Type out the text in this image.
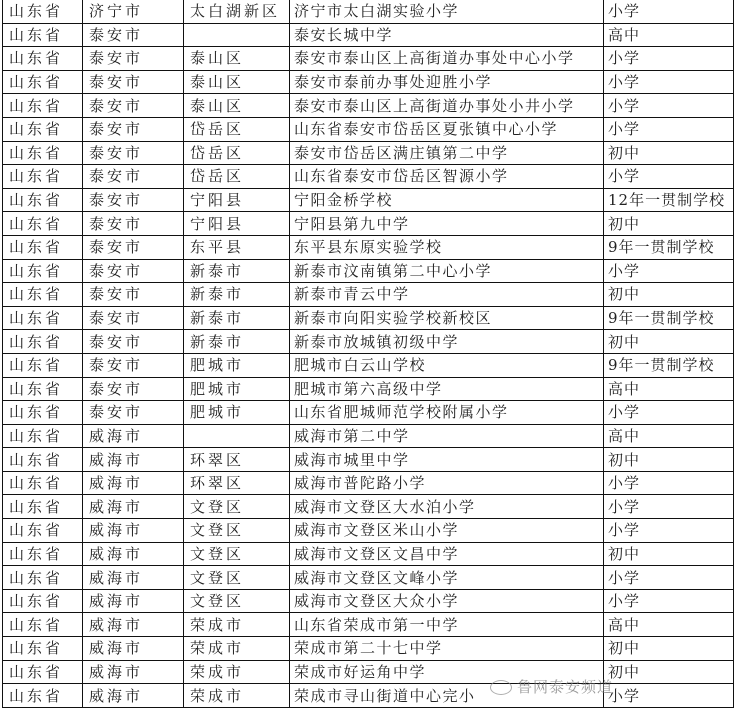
山东省	济宁市	太白湖新区	济宁市太白湖实验小学	小学
山东省	泰安市		泰安长城中学	高中
山东省	泰安市	泰山区	泰安市泰山区上高街道办事处中心小学	小学
山东省	泰安市	泰山区	泰安市泰前办事处迎胜小学	小学
山东省	泰安市	泰山区	泰安市泰山区上高街道办事处小井小学	小学
山东省	泰安市	岱岳区	山东省泰安市岱岳区夏张镇中心小学	小学
山东省	泰安市	岱岳区	泰安市岱岳区满庄镇第二中学	初中
山东省	泰安市	岱岳区	山东省泰安市岱岳区智源小学	小学
山东省	泰安市	宁阳县	宁阳金桥学校	12年一贯制学校
山东省	泰安市	宁阳县	宁阳县第九中学	初中
山东省	泰安市	东平县	东平县东原实验学校	9年一贯制学校
山东省	泰安市	新泰市	新泰市汶南镇第二中心小学	小学
山东省	泰安市	新泰市	新泰市青云中学	初中
山东省	泰安市	新泰市	新泰市向阳实验学校新校区	9年一贯制学校
山东省	泰安市	新泰市	新泰市放城镇初级中学	初中
山东省	泰安市	肥城市	肥城市白云山学校	9年一贯制学校
山东省	泰安市	肥城市	肥城市第六高级中学	高中
山东省	泰安市	肥城市	山东省肥城师范学校附属小学	小学
山东省	威海市		威海市第二中学	高中
山东省	威海市	环翠区	威海市城里中学	初中
山东省	威海市	环翠区	威海市普陀路小学	小学
山东省	威海市	文登区	威海市文登区大水泊小学	小学
山东省	威海市	文登区	威海市文登区米山小学	小学
山东省	威海市	文登区	威海市文登区文昌中学	初中
山东省	威海市	文登区	威海市文登区文峰小学	小学
山东省	威海市	文登区	威海市文登区大众小学	小学
山东省	威海市	荣成市	山东省荣成市第一中学	高中
山东省	威海市	荣成市	荣成市第二十七中学	初中
山东省	威海市	荣成市	荣成市好运角中学	初中
山东省	威海市	荣成市	荣成市寻山街道中心完小	小学
鲁网泰安频道
